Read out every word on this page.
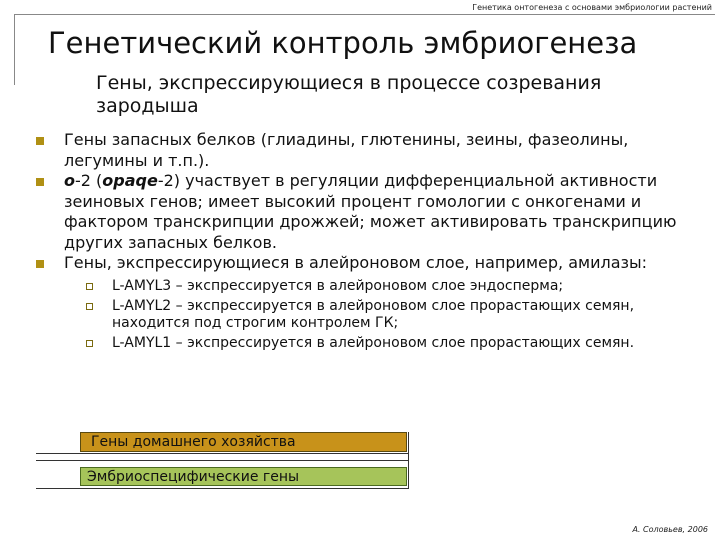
Генетика онтогенеза с основами эмбриологии растений
Генетический контроль эмбриогенеза
Гены, экспрессирующиеся в процессе созревания зародыша
Гены запасных белков (глиадины, глютенины, зеины, фазеолины, легумины и т.п.).
o-2 (opaqe-2) участвует в регуляции дифференциальной активности зеиновых генов; имеет высокий процент гомологии с онкогенами и фактором транскрипции дрожжей; может активировать транскрипцию других запасных белков.
Гены, экспрессирующиеся в алейроновом слое, например, амилазы:
L-AMYL3 – экспрессируется в алейроновом слое эндосперма;
L-AMYL2 – экспрессируется в алейроновом слое прорастающих семян, находится под строгим контролем ГК;
L-AMYL1 – экспрессируется в алейроновом слое прорастающих семян.
Гены домашнего хозяйства
Эмбриоспецифические гены
А. Соловьев, 2006
